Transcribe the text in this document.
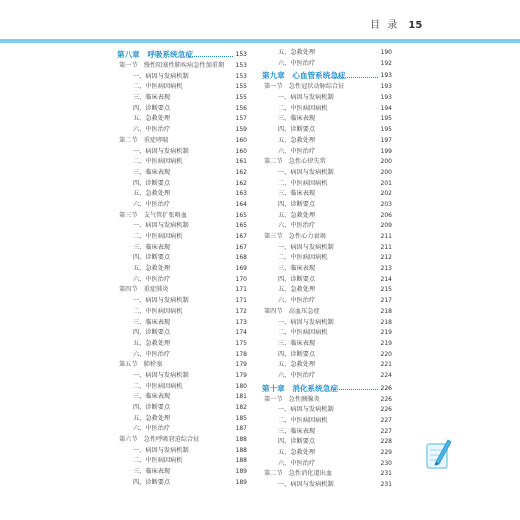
目 录 15
第八章　呼吸系统急症	153
第一节　慢性阻塞性肺疾病急性加重期 153
一、病因与发病机制	153
二、中医病因病机	155
三、临床表现	155
四、诊断要点	156
五、急救处理	157
六、中医治疗	159
第二节　重症哮喘	160
一、病因与发病机制	160
二、中医病因病机	161
三、临床表现	162
四、诊断要点	162
五、急救处理	163
六、中医治疗	164
第三节　支气管扩张咯血	165
一、病因与发病机制	165
二、中医病因病机	167
三、临床表现	167
四、诊断要点	168
五、急救处理	169
六、中医治疗	170
第四节　重症肺炎	171
一、病因与发病机制	171
二、中医病因病机	172
三、临床表现	173
四、诊断要点	174
五、急救处理	175
六、中医治疗	178
第五节　肺栓塞	179
一、病因与发病机制	179
二、中医病因病机	180
三、临床表现	181
四、诊断要点	182
五、急救处理	185
六、中医治疗	187
第六节　急性呼吸窘迫综合征	188
一、病因与发病机制	188
二、中医病因病机	188
三、临床表现	189
四、诊断要点	189
五、急救处理	190
六、中医治疗	192
第九章　心血管系统急症	193
第一节　急性冠状动脉综合征	193
一、病因与发病机制	193
二、中医病因病机	194
三、临床表现	195
四、诊断要点	195
五、急救处理	197
六、中医治疗	199
第二节　急性心律失常	200
一、病因与发病机制	200
二、中医病因病机	201
三、临床表现	202
四、诊断要点	203
五、急救处理	206
六、中医治疗	209
第三节　急性心力衰竭	211
一、病因与发病机制	211
二、中医病因病机	212
三、临床表现	213
四、诊断要点	214
五、急救处理	215
六、中医治疗	217
第四节　高血压急症	218
一、病因与发病机制	218
二、中医病因病机	219
三、临床表现	219
四、诊断要点	220
五、急救处理	221
六、中医治疗	224
第十章　消化系统急症	226
第一节　急性胰腺炎	226
一、病因与发病机制	226
二、中医病因病机	227
三、临床表现	227
四、诊断要点	228
五、急救处理	229
六、中医治疗	230
第二节　急性消化道出血	231
一、病因与发病机制	231
